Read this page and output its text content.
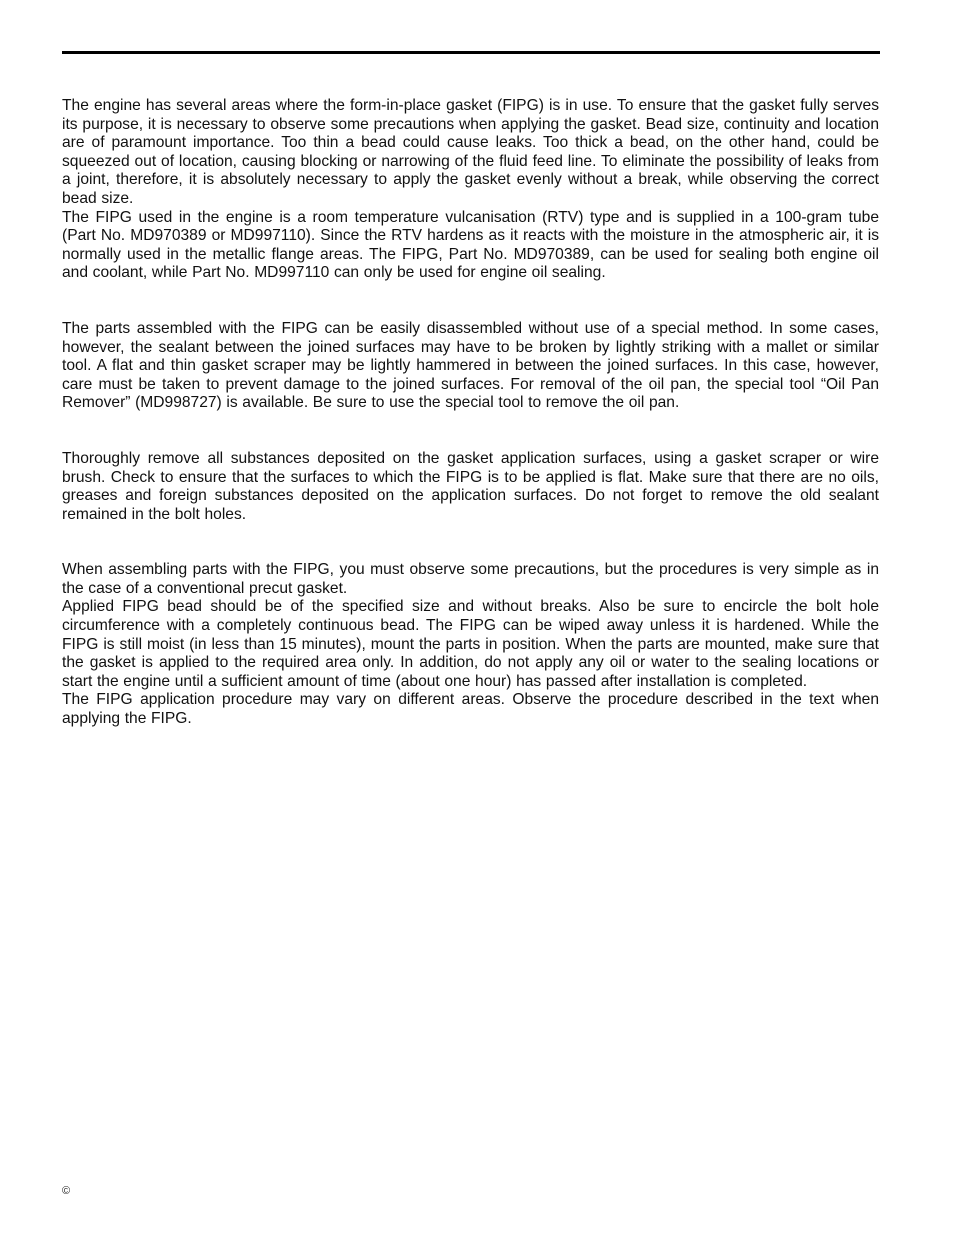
The engine has several areas where the form-in-place gasket (FIPG) is in use. To ensure that the gasket fully serves its purpose, it is necessary to observe some precautions when applying the gasket. Bead size, continuity and location are of paramount importance. Too thin a bead could cause leaks. Too thick a bead, on the other hand, could be squeezed out of location, causing blocking or narrowing of the fluid feed line. To eliminate the possibility of leaks from a joint, therefore, it is absolutely necessary to apply the gasket evenly without a break, while observing the correct bead size.

The FIPG used in the engine is a room temperature vulcanisation (RTV) type and is supplied in a 100-gram tube (Part No. MD970389 or MD997110). Since the RTV hardens as it reacts with the moisture in the atmospheric air, it is normally used in the metallic flange areas. The FIPG, Part No. MD970389, can be used for sealing both engine oil and coolant, while Part No. MD997110 can only be used for engine oil sealing.

The parts assembled with the FIPG can be easily disassembled without use of a special method. In some cases, however, the sealant between the joined surfaces may have to be broken by lightly striking with a mallet or similar tool. A flat and thin gasket scraper may be lightly hammered in between the joined surfaces. In this case, however, care must be taken to prevent damage to the joined surfaces. For removal of the oil pan, the special tool “Oil Pan Remover” (MD998727) is available. Be sure to use the special tool to remove the oil pan.

Thoroughly remove all substances deposited on the gasket application surfaces, using a gasket scraper or wire brush. Check to ensure that the surfaces to which the FIPG is to be applied is flat. Make sure that there are no oils, greases and foreign substances deposited on the application surfaces. Do not forget to remove the old sealant remained in the bolt holes.

When assembling parts with the FIPG, you must observe some precautions, but the procedures is very simple as in the case of a conventional precut gasket.

Applied FIPG bead should be of the specified size and without breaks. Also be sure to encircle the bolt hole circumference with a completely continuous bead. The FIPG can be wiped away unless it is hardened. While the FIPG is still moist (in less than 15 minutes), mount the parts in position. When the parts are mounted, make sure that the gasket is applied to the required area only. In addition, do not apply any oil or water to the sealing locations or start the engine until a sufficient amount of time (about one hour) has passed after installation is completed.

The FIPG application procedure may vary on different areas. Observe the procedure described in the text when applying the FIPG.

©
